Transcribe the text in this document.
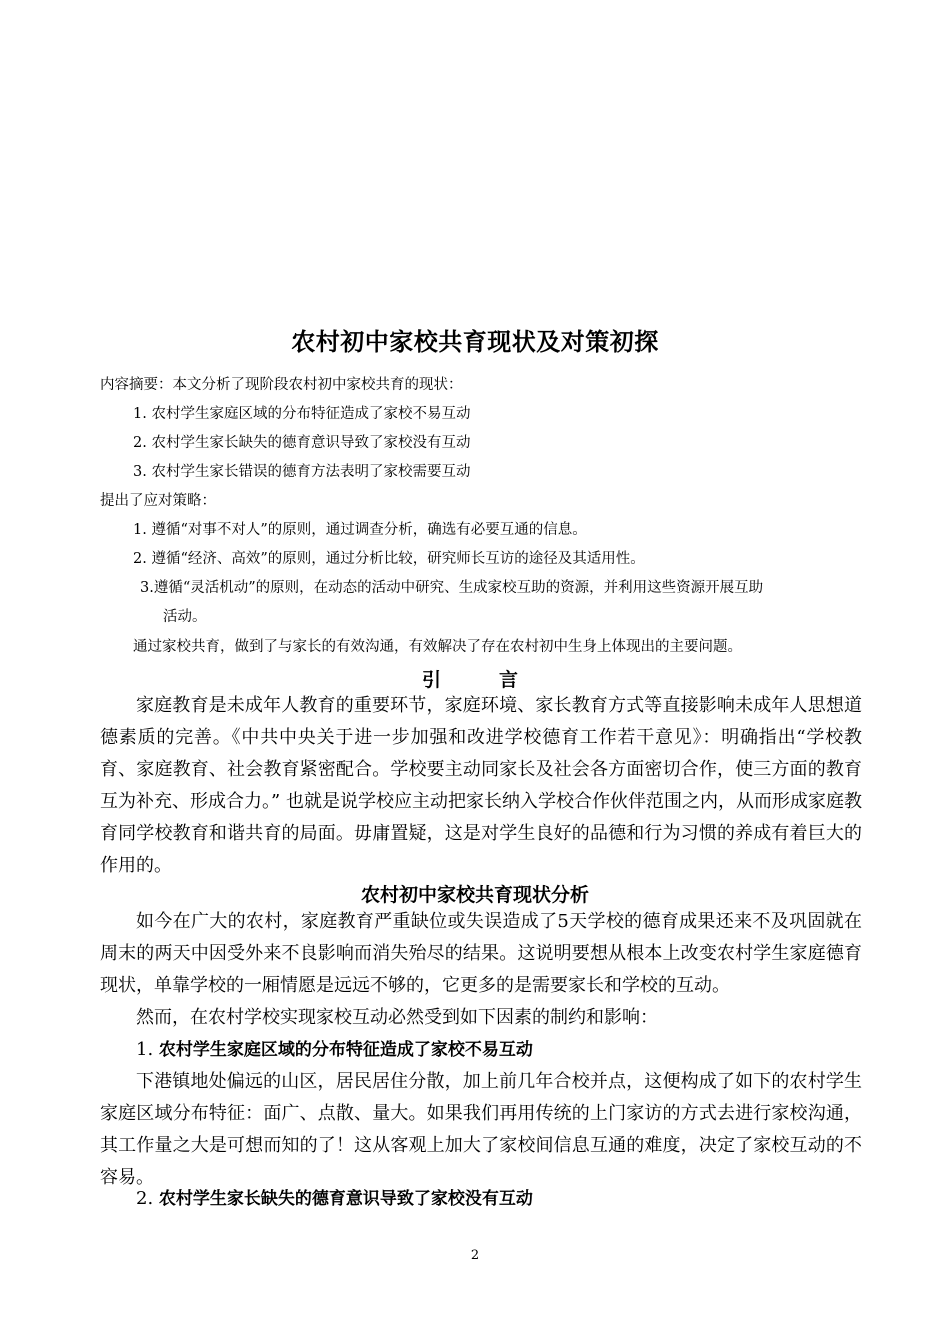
农村初中家校共育现状及对策初探
内容摘要：本文分析了现阶段农村初中家校共育的现状：
1. 农村学生家庭区域的分布特征造成了家校不易互动
2. 农村学生家长缺失的德育意识导致了家校没有互动
3. 农村学生家长错误的德育方法表明了家校需要互动
提出了应对策略：
1. 遵循“对事不对人”的原则，通过调查分析，确选有必要互通的信息。
2. 遵循“经济、高效”的原则，通过分析比较，研究师长互访的途径及其适用性。
3.遵循“灵活机动”的原则，在动态的活动中研究、生成家校互助的资源，并利用这些资源开展互助
活动。
通过家校共育，做到了与家长的有效沟通，有效解决了存在农村初中生身上体现出的主要问题。
引言

家庭教育是未成年人教育的重要环节，家庭环境、家长教育方式等直接影响未成年人思想道德素质的完善。《中共中央关于进一步加强和改进学校德育工作若干意见》：明确指出“学校教育、家庭教育、社会教育紧密配合。学校要主动同家长及社会各方面密切合作，使三方面的教育互为补充、形成合力。” 也就是说学校应主动把家长纳入学校合作伙伴范围之内，从而形成家庭教育同学校教育和谐共育的局面。毋庸置疑，这是对学生良好的品德和行为习惯的养成有着巨大的作用的。

农村初中家校共育现状分析

如今在广大的农村，家庭教育严重缺位或失误造成了5天学校的德育成果还来不及巩固就在周末的两天中因受外来不良影响而消失殆尽的结果。这说明要想从根本上改变农村学生家庭德育现状，单靠学校的一厢情愿是远远不够的，它更多的是需要家长和学校的互动。

然而，在农村学校实现家校互动必然受到如下因素的制约和影响：

1. 农村学生家庭区域的分布特征造成了家校不易互动

下港镇地处偏远的山区，居民居住分散，加上前几年合校并点，这便构成了如下的农村学生家庭区域分布特征：面广、点散、量大。如果我们再用传统的上门家访的方式去进行家校沟通，其工作量之大是可想而知的了！这从客观上加大了家校间信息互通的难度，决定了家校互动的不容易。

2. 农村学生家长缺失的德育意识导致了家校没有互动
2
